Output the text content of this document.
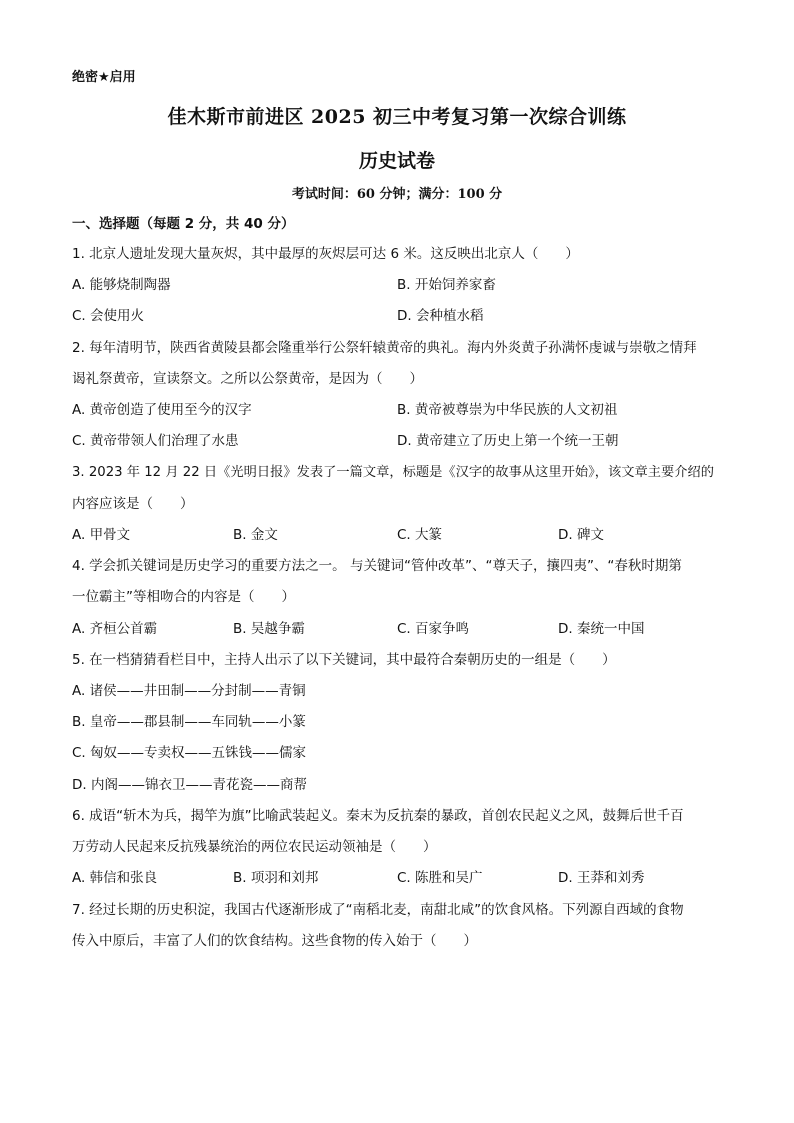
绝密★启用
佳木斯市前进区 2025 初三中考复习第一次综合训练
历史试卷
考试时间：60 分钟；满分：100 分
一、选择题（每题 2 分，共 40 分）
1. 北京人遗址发现大量灰烬，其中最厚的灰烬层可达 6 米。这反映出北京人（　　）
A. 能够烧制陶器	B. 开始饲养家畜
C. 会使用火	D. 会种植水稻
2. 每年清明节，陕西省黄陵县都会隆重举行公祭轩辕黄帝的典礼。海内外炎黄子孙满怀虔诚与崇敬之情拜
谒礼祭黄帝，宣读祭文。之所以公祭黄帝，是因为（　　）
A. 黄帝创造了使用至今的汉字	B. 黄帝被尊崇为中华民族的人文初祖
C. 黄帝带领人们治理了水患	D. 黄帝建立了历史上第一个统一王朝
3. 2023 年 12 月 22 日《光明日报》发表了一篇文章，标题是《汉字的故事从这里开始》，该文章主要介绍的
内容应该是（　　）
A. 甲骨文	B. 金文	C. 大篆	D. 碑文
4. 学会抓关键词是历史学习的重要方法之一。 与关键词“管仲改革”、“尊天子，攘四夷”、“春秋时期第
一位霸主”等相吻合的内容是（　　）
A. 齐桓公首霸	B. 吴越争霸	C. 百家争鸣	D. 秦统一中国
5. 在一档猜猜看栏目中，主持人出示了以下关键词，其中最符合秦朝历史的一组是（　　）
A. 诸侯——井田制——分封制——青铜
B. 皇帝——郡县制——车同轨——小篆
C. 匈奴——专卖权——五铢钱——儒家
D. 内阁——锦衣卫——青花瓷——商帮
6. 成语“斩木为兵，揭竿为旗”比喻武装起义。秦末为反抗秦的暴政，首创农民起义之风，鼓舞后世千百
万劳动人民起来反抗残暴统治的两位农民运动领袖是（　　）
A. 韩信和张良	B. 项羽和刘邦	C. 陈胜和吴广	D. 王莽和刘秀
7. 经过长期的历史积淀，我国古代逐渐形成了“南稻北麦，南甜北咸”的饮食风格。下列源自西域的食物
传入中原后，丰富了人们的饮食结构。这些食物的传入始于（　　）
